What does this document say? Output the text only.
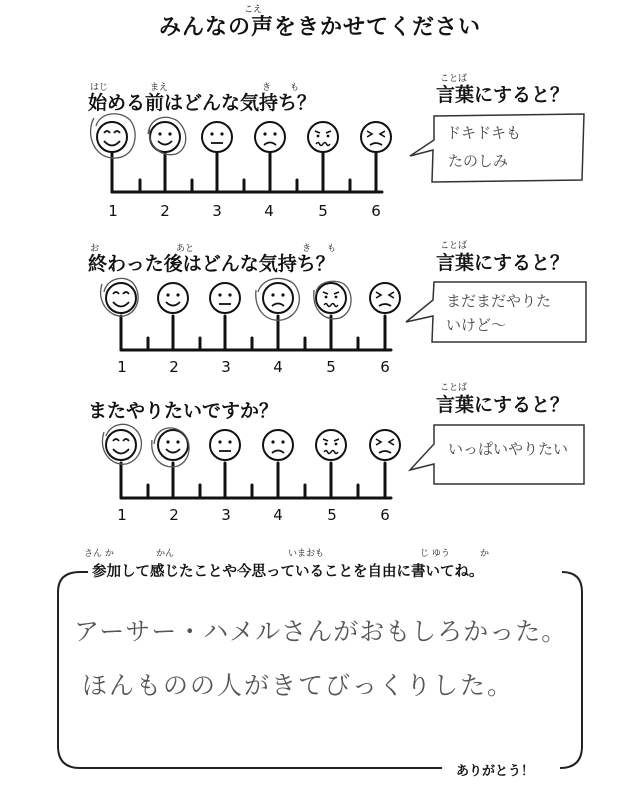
こえ
みんなの声をきかせてください
はじ	まえ	き も
始める前はどんな気持ち？
ことば
言葉にすると？
お	あと	き も
終わった後はどんな気持ち？
ことば
言葉にすると？
またやりたいですか？
ことば
言葉にすると？
1	2	3	4	5	6
1	2	3	4	5	6
1	2	3	4	5	6
ドキドキも
たのしみ
まだまだやりた
いけど〜
いっぱいやりたい
さん か	かん	いまおも	じ ゆう	か
参加して感じたことや今思っていることを自由に書いてね。
アーサー・ハメルさんがおもしろかった。
ほんものの人がきてびっくりした。
ありがとう！
